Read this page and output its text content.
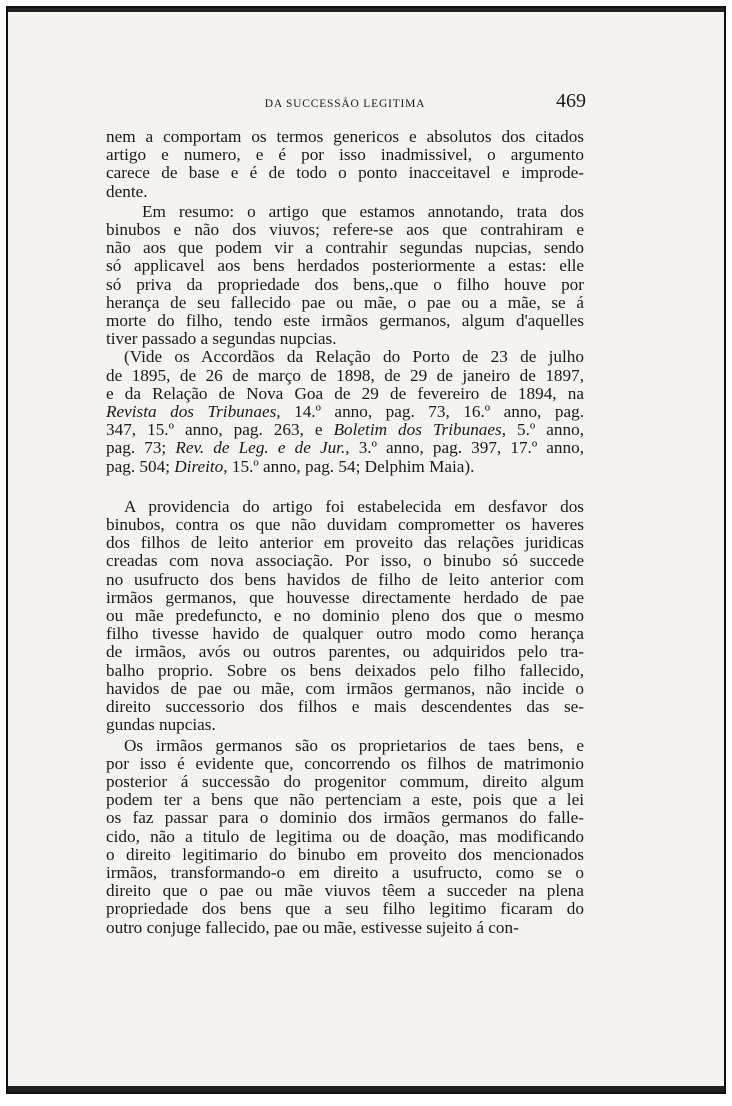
DA SUCCESSÃO LEGITIMA	469

nem a comportam os termos genericos e absolutos dos citados
artigo e numero, e é por isso inadmissivel, o argumento
carece de base e é de todo o ponto inacceitavel e improde-
dente.

Em resumo: o artigo que estamos annotando, trata dos
binubos e não dos viuvos; refere-se aos que contrahiram e
não aos que podem vir a contrahir segundas nupcias, sendo
só applicavel aos bens herdados posteriormente a estas: elle
só priva da propriedade dos bens,.que o filho houve por
herança de seu fallecido pae ou mãe, o pae ou a mãe, se á
morte do filho, tendo este irmãos germanos, algum d'aquelles
tiver passado a segundas nupcias.

(Vide os Accordãos da Relação do Porto de 23 de julho
de 1895, de 26 de março de 1898, de 29 de janeiro de 1897,
e da Relação de Nova Goa de 29 de fevereiro de 1894, na
Revista dos Tribunaes, 14.º anno, pag. 73, 16.º anno, pag.
347, 15.º anno, pag. 263, e Boletim dos Tribunaes, 5.º anno,
pag. 73; Rev. de Leg. e de Jur., 3.º anno, pag. 397, 17.º anno,
pag. 504; Direito, 15.º anno, pag. 54; Delphim Maia).

A providencia do artigo foi estabelecida em desfavor dos
binubos, contra os que não duvidam comprometter os haveres
dos filhos de leito anterior em proveito das relações juridicas
creadas com nova associação. Por isso, o binubo só succede
no usufructo dos bens havidos de filho de leito anterior com
irmãos germanos, que houvesse directamente herdado de pae
ou mãe predefuncto, e no dominio pleno dos que o mesmo
filho tivesse havido de qualquer outro modo como herança
de irmãos, avós ou outros parentes, ou adquiridos pelo tra-
balho proprio. Sobre os bens deixados pelo filho fallecido,
havidos de pae ou mãe, com irmãos germanos, não incide o
direito successorio dos filhos e mais descendentes das se-
gundas nupcias.

Os irmãos germanos são os proprietarios de taes bens, e
por isso é evidente que, concorrendo os filhos de matrimonio
posterior á successão do progenitor commum, direito algum
podem ter a bens que não pertenciam a este, pois que a lei
os faz passar para o dominio dos irmãos germanos do falle-
cido, não a titulo de legitima ou de doação, mas modificando
o direito legitimario do binubo em proveito dos mencionados
irmãos, transformando-o em direito a usufructo, como se o
direito que o pae ou mãe viuvos têem a succeder na plena
propriedade dos bens que a seu filho legitimo ficaram do
outro conjuge fallecido, pae ou mãe, estivesse sujeito á con-
